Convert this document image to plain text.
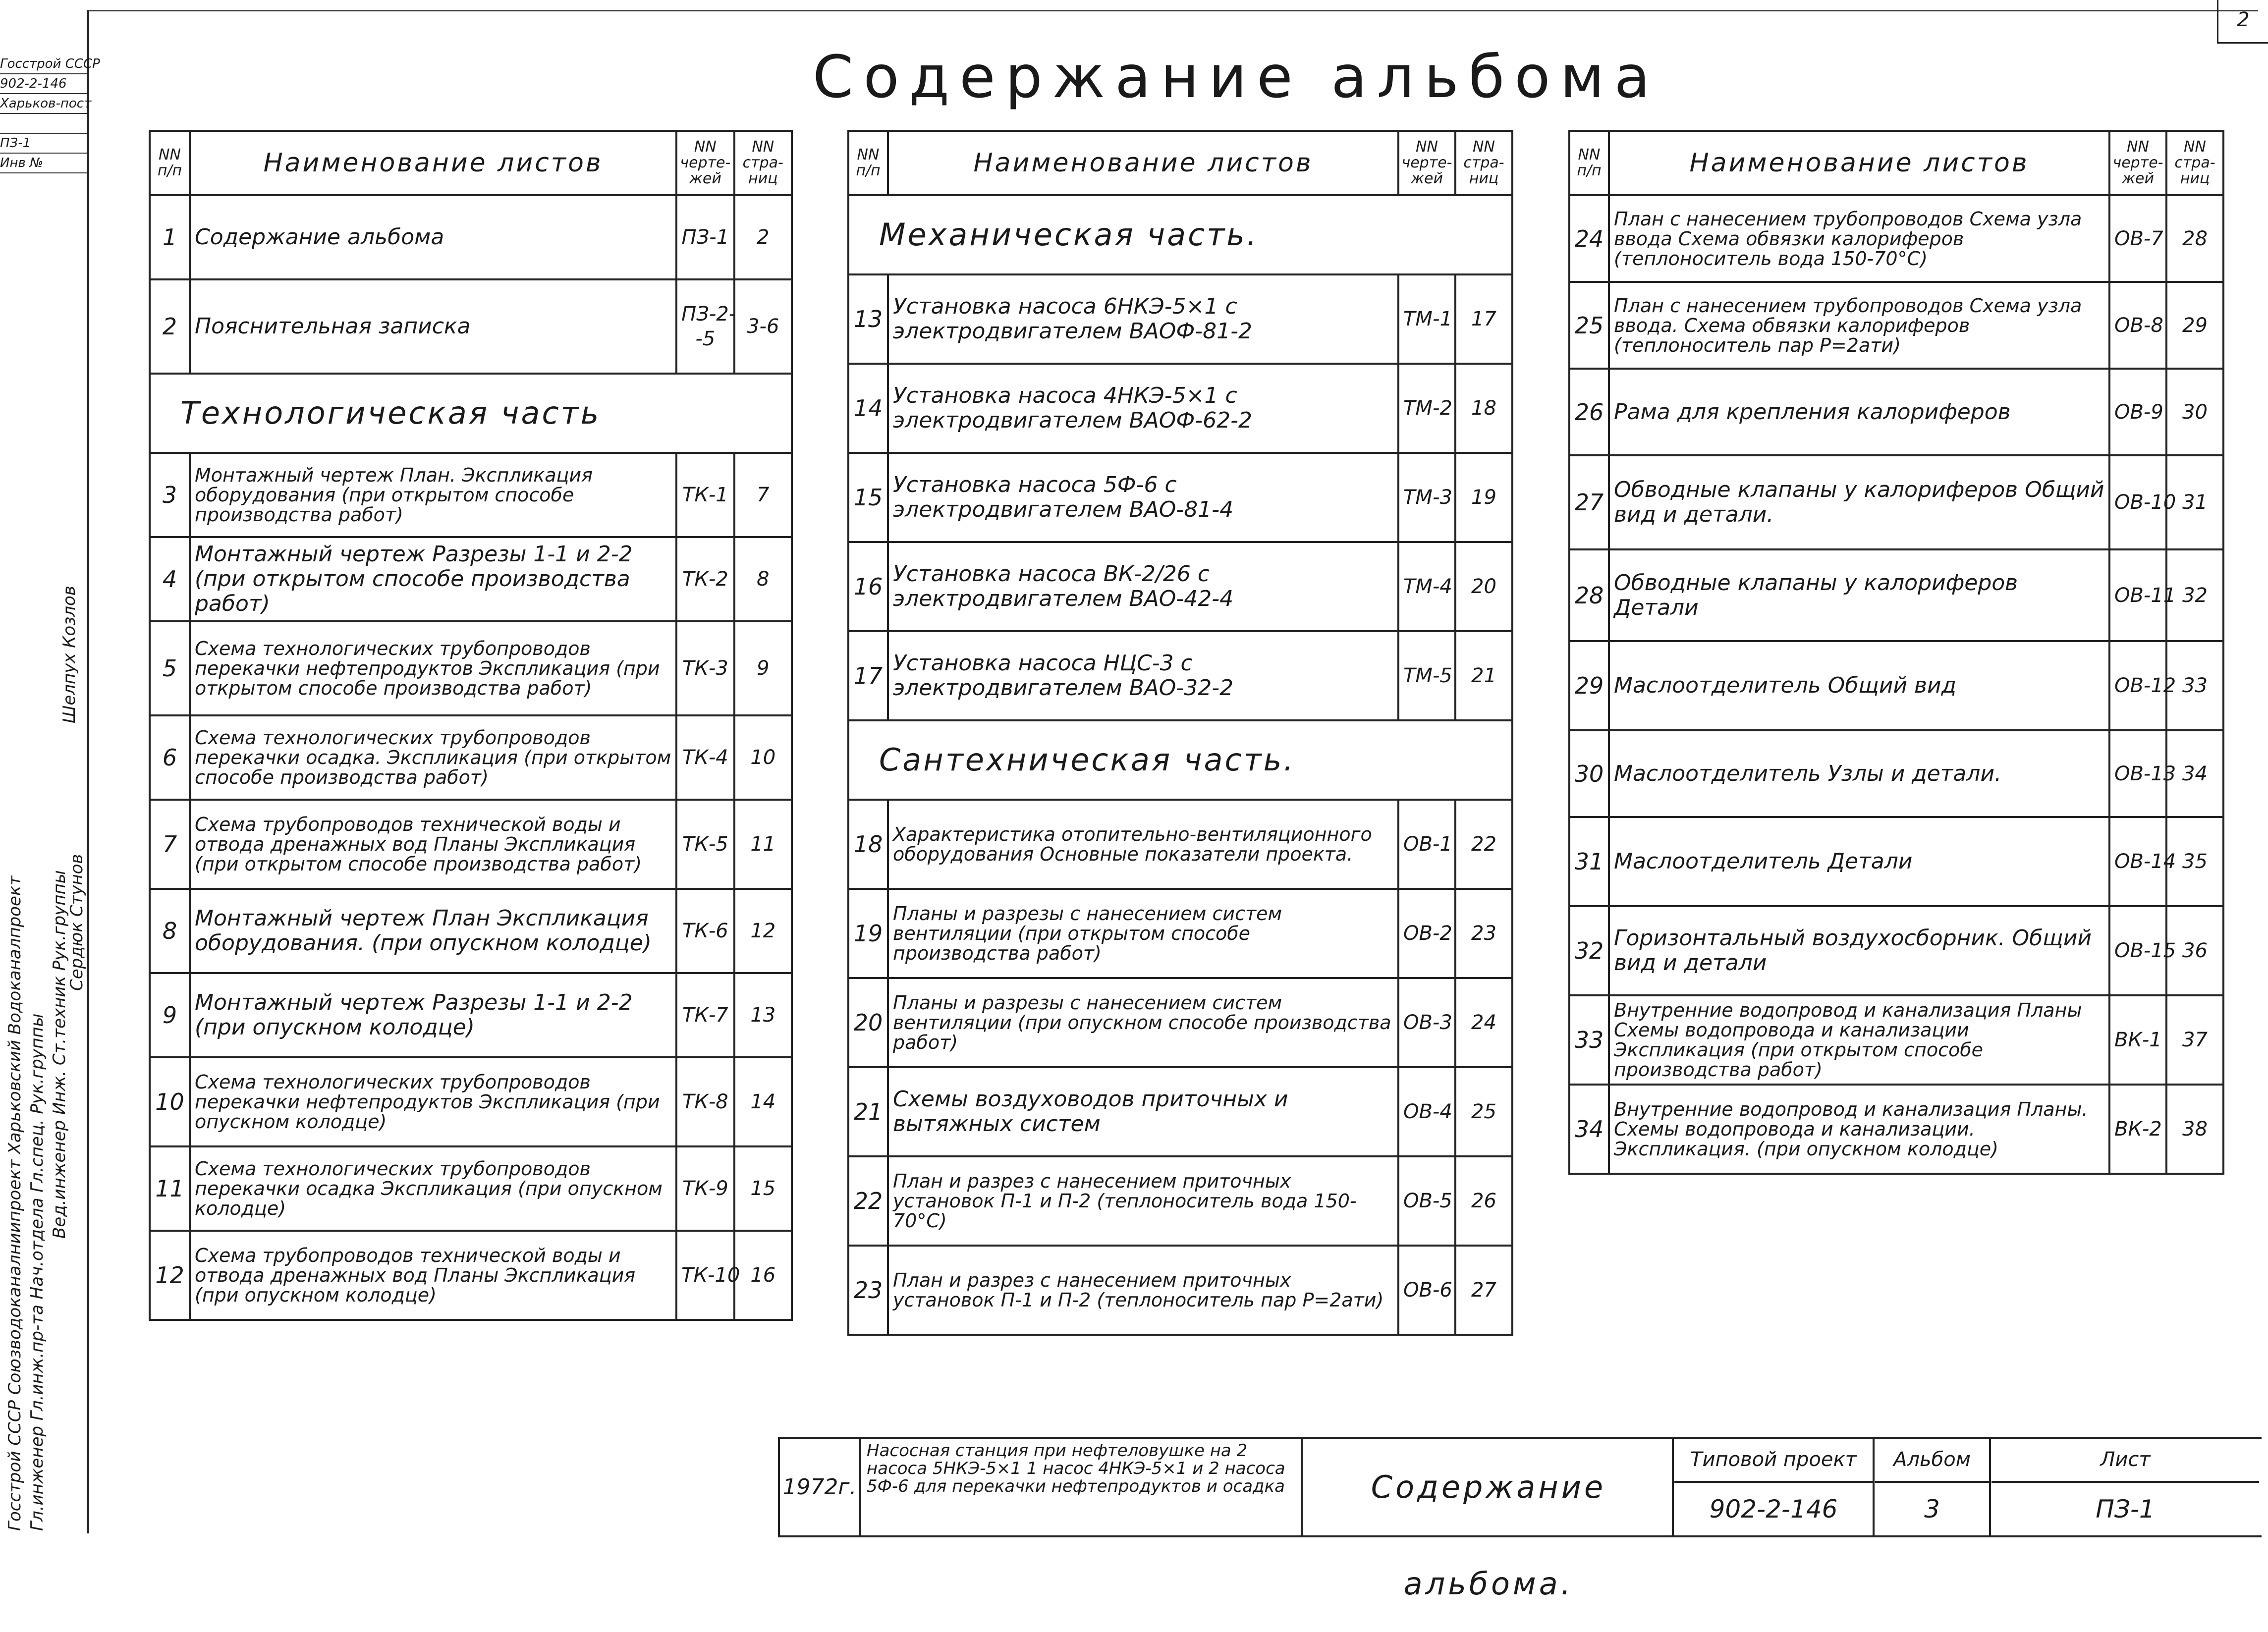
2
Содержание альбома
Госстрой СССР
902-2-146
Харьков-пост
ПЗ-1
Инв №
Госстрой СССР Союзводоканалниипроект Харьковский Водоканалпроект Гл.инженер Гл.инж.пр-та Нач.отдела Гл.спец. Рук.группы Вед.инженер Инж. Ст.техник Рук.группы
Шелпух Козлов
Сердюк Стунов
NN п/п	Наименование листов	NN черте-жей	NN стра-ниц
1	Содержание альбома	ПЗ-1	2
2	Пояснительная записка	ПЗ-2--5	3-6
Технологическая часть			
3	Монтажный чертеж План. Экспликация оборудования (при открытом способе производства работ)	ТК-1	7
4	Монтажный чертеж Разрезы 1-1 и 2-2 (при открытом способе производства работ)	ТК-2	8
5	Схема технологических трубопроводов перекачки нефтепродуктов Экспликация (при открытом способе производства работ)	ТК-3	9
6	Схема технологических трубопроводов перекачки осадка. Экспликация (при открытом способе производства работ)	ТК-4	10
7	Схема трубопроводов технической воды и отвода дренажных вод Планы Экспликация (при открытом способе производства работ)	ТК-5	11
8	Монтажный чертеж План Экспликация оборудования. (при опускном колодце)	ТК-6	12
9	Монтажный чертеж Разрезы 1-1 и 2-2 (при опускном колодце)	ТК-7	13
10	Схема технологических трубопроводов перекачки нефтепродуктов Экспликация (при опускном колодце)	ТК-8	14
11	Схема технологических трубопроводов перекачки осадка Экспликация (при опускном колодце)	ТК-9	15
12	Схема трубопроводов технической воды и отвода дренажных вод Планы Экспликация (при опускном колодце)	ТК-10	16
NN п/п	Наименование листов	NN черте-жей	NN стра-ниц
Механическая часть.			
13	Установка насоса 6НКЭ-5×1 с электродвигателем ВАОФ-81-2	ТМ-1	17
14	Установка насоса 4НКЭ-5×1 с электродвигателем ВАОФ-62-2	ТМ-2	18
15	Установка насоса 5Ф-6 с электродвигателем ВАО-81-4	ТМ-3	19
16	Установка насоса ВК-2/26 с электродвигателем ВАО-42-4	ТМ-4	20
17	Установка насоса НЦС-3 с электродвигателем ВАО-32-2	ТМ-5	21
Сантехническая часть.			
18	Характеристика отопительно-вентиляционного оборудования Основные показатели проекта.	ОВ-1	22
19	Планы и разрезы с нанесением систем вентиляции (при открытом способе производства работ)	ОВ-2	23
20	Планы и разрезы с нанесением систем вентиляции (при опускном способе производства работ)	ОВ-3	24
21	Схемы воздуховодов приточных и вытяжных систем	ОВ-4	25
22	План и разрез с нанесением приточных установок П-1 и П-2 (теплоноситель вода 150-70°С)	ОВ-5	26
23	План и разрез с нанесением приточных установок П-1 и П-2 (теплоноситель пар Р=2ати)	ОВ-6	27
NN п/п	Наименование листов	NN черте-жей	NN стра-ниц
24	План с нанесением трубопроводов Схема узла ввода Схема обвязки калориферов (теплоноситель вода 150-70°С)	ОВ-7	28
25	План с нанесением трубопроводов Схема узла ввода. Схема обвязки калориферов (теплоноситель пар Р=2ати)	ОВ-8	29
26	Рама для крепления калориферов	ОВ-9	30
27	Обводные клапаны у калориферов Общий вид и детали.	ОВ-10	31
28	Обводные клапаны у калориферов Детали	ОВ-11	32
29	Маслоотделитель Общий вид	ОВ-12	33
30	Маслоотделитель Узлы и детали.	ОВ-13	34
31	Маслоотделитель Детали	ОВ-14	35
32	Горизонтальный воздухосборник. Общий вид и детали	ОВ-15	36
33	Внутренние водопровод и канализация Планы Схемы водопровода и канализации Экспликация (при открытом способе производства работ)	ВК-1	37
34	Внутренние водопровод и канализация Планы. Схемы водопровода и канализации. Экспликация. (при опускном колодце)	ВК-2	38
1972г.
Насосная станция при нефтеловушке на 2 насоса 5НКЭ-5×1 1 насос 4НКЭ-5×1 и 2 насоса 5Ф-6 для перекачки нефтепродуктов и осадка	Содержание альбома.
Типовой проект
902-2-146
Альбом
3
Лист
ПЗ-1
